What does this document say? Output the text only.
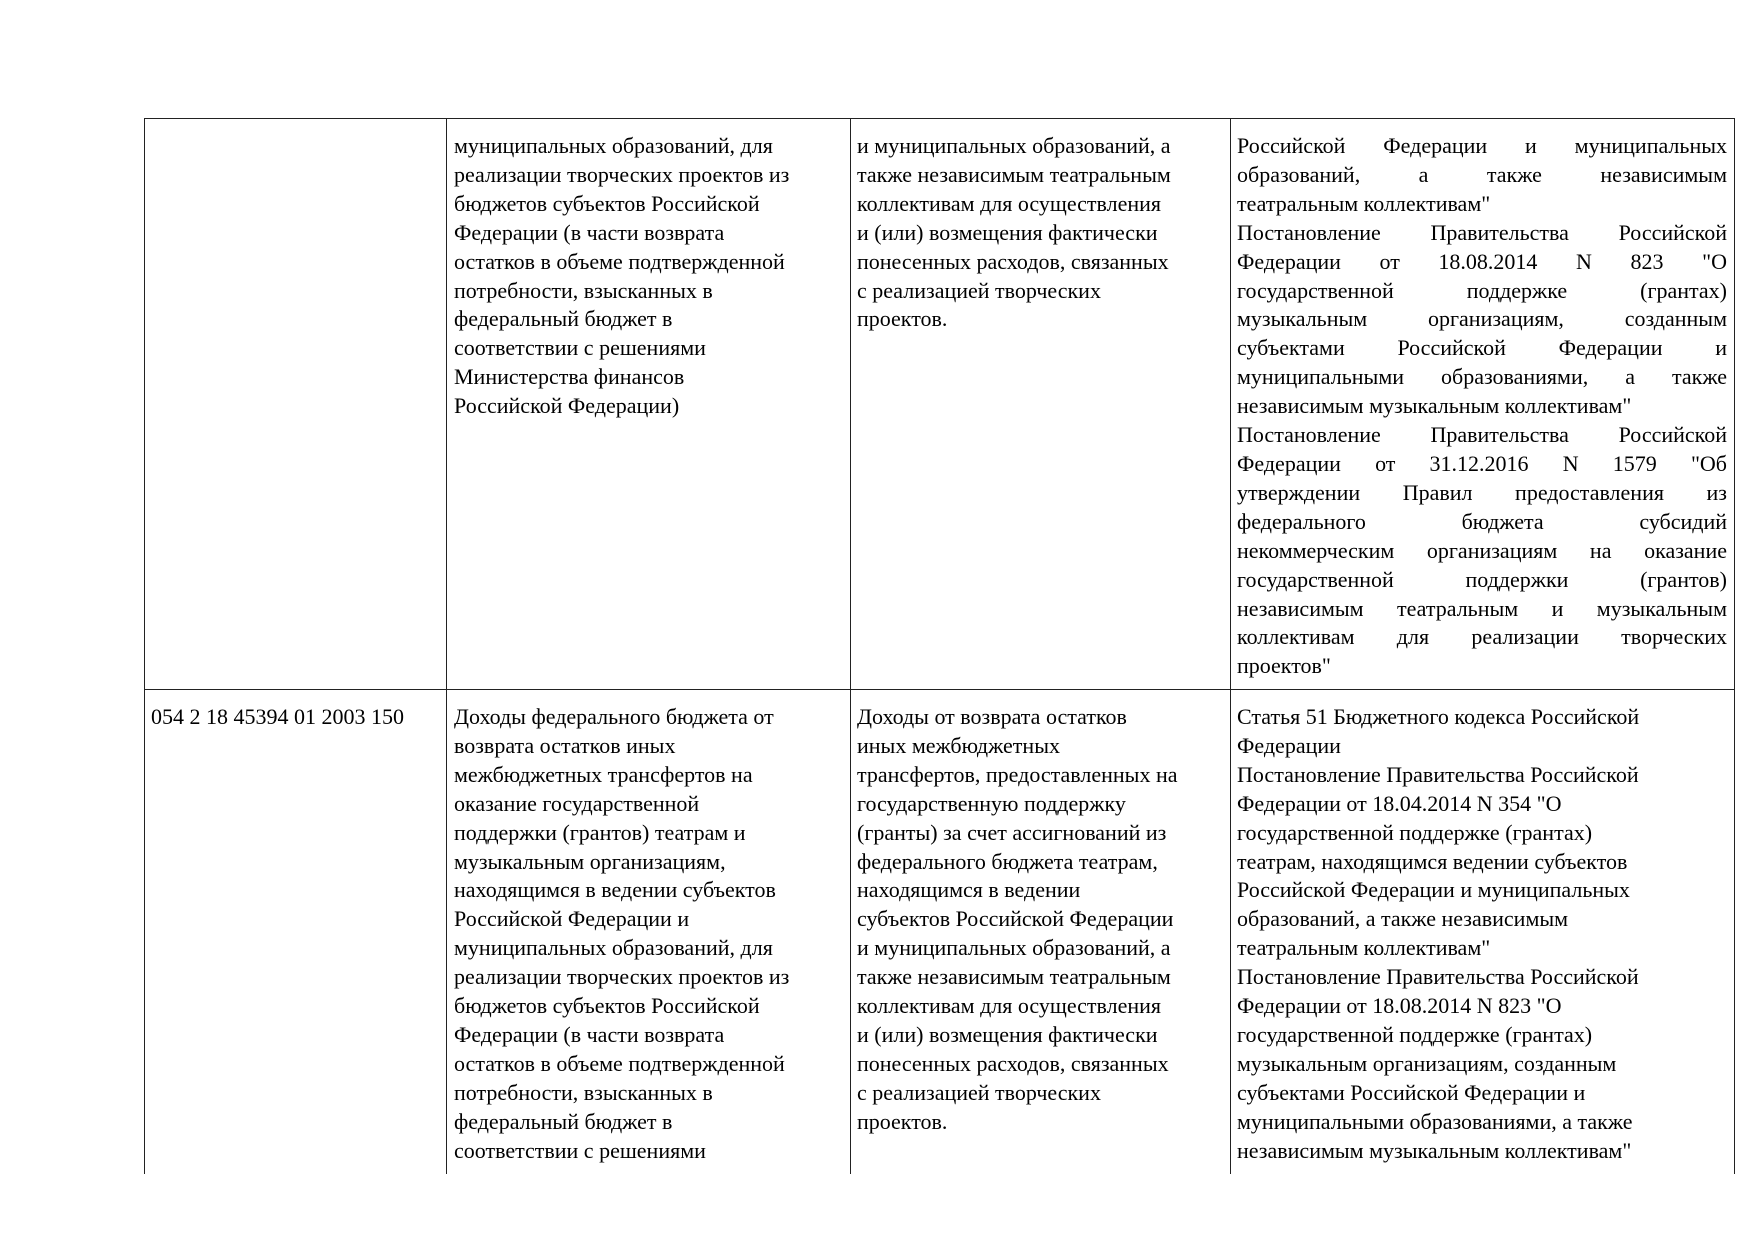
муниципальных образований, для
реализации творческих проектов из
бюджетов субъектов Российской
Федерации (в части возврата
остатков в объеме подтвержденной
потребности, взысканных в
федеральный бюджет в
соответствии с решениями
Министерства финансов
Российской Федерации)
и муниципальных образований, а
также независимым театральным
коллективам для осуществления
и (или) возмещения фактически
понесенных расходов, связанных
с реализацией творческих
проектов.
Российской Федерации и муниципальных
образований, а также независимым
театральным коллективам"
Постановление Правительства Российской
Федерации от 18.08.2014 N 823 "О
государственной поддержке (грантах)
музыкальным организациям, созданным
субъектами Российской Федерации и
муниципальными образованиями, а также
независимым музыкальным коллективам"
Постановление Правительства Российской
Федерации от 31.12.2016 N 1579 "Об
утверждении Правил предоставления из
федерального бюджета субсидий
некоммерческим организациям на оказание
государственной поддержки (грантов)
независимым театральным и музыкальным
коллективам для реализации творческих
проектов"
054 2 18 45394 01 2003 150 Доходы федерального бюджета от
возврата остатков иных
межбюджетных трансфертов на
оказание государственной
поддержки (грантов) театрам и
музыкальным организациям,
находящимся в ведении субъектов
Российской Федерации и
муниципальных образований, для
реализации творческих проектов из
бюджетов субъектов Российской
Федерации (в части возврата
остатков в объеме подтвержденной
потребности, взысканных в
федеральный бюджет в
соответствии с решениями
Доходы от возврата остатков
иных межбюджетных
трансфертов, предоставленных на
государственную поддержку
(гранты) за счет ассигнований из
федерального бюджета театрам,
находящимся в ведении
субъектов Российской Федерации
и муниципальных образований, а
также независимым театральным
коллективам для осуществления
и (или) возмещения фактически
понесенных расходов, связанных
с реализацией творческих
проектов.
Статья 51 Бюджетного кодекса Российской
Федерации
Постановление Правительства Российской
Федерации от 18.04.2014 N 354 "О
государственной поддержке (грантах)
театрам, находящимся ведении субъектов
Российской Федерации и муниципальных
образований, а также независимым
театральным коллективам"
Постановление Правительства Российской
Федерации от 18.08.2014 N 823 "О
государственной поддержке (грантах)
музыкальным организациям, созданным
субъектами Российской Федерации и
муниципальными образованиями, а также
независимым музыкальным коллективам"
